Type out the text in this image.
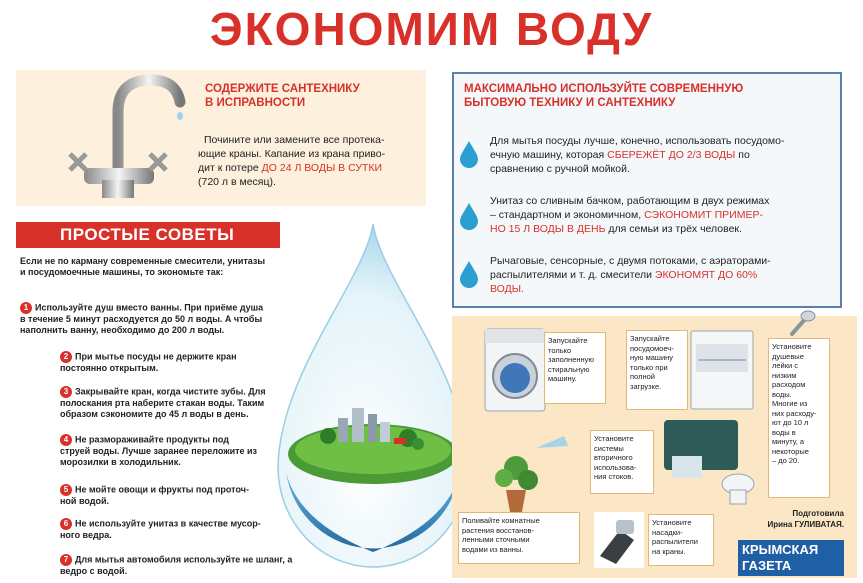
ЭКОНОМИМ ВОДУ
СОДЕРЖИТЕ САНТЕХНИКУ
В ИСПРАВНОСТИ
Почините или замените все протека-
ющие краны. Капание из крана приво-
дит к потере ДО 24 Л ВОДЫ В СУТКИ
(720 л в месяц).
МАКСИМАЛЬНО ИСПОЛЬЗУЙТЕ СОВРЕМЕННУЮ
БЫТОВУЮ ТЕХНИКУ И САНТЕХНИКУ
Для мытья посуды лучше, конечно, использовать посудомо-
ечную машину, которая СБЕРЕЖЁТ ДО 2/3 ВОДЫ по
сравнению с ручной мойкой.
Унитаз со сливным бачком, работающим в двух режимах
– стандартном и экономичном, СЭКОНОМИТ ПРИМЕР-
НО 15 Л ВОДЫ В ДЕНЬ для семьи из трёх человек.
Рычаговые, сенсорные, с двумя потоками, с аэраторами-
распылителями и т. д. смесители ЭКОНОМЯТ ДО 60%
ВОДЫ.
ПРОСТЫЕ СОВЕТЫ
Если не по карману современные смесители, унитазы
и посудомоечные машины, то экономьте так:
1 Используйте душ вместо ванны. При приёме душа
в течение 5 минут расходуется до 50 л воды. А чтобы
наполнить ванну, необходимо до 200 л воды.
2 При мытье посуды не держите кран
постоянно открытым.
3 Закрывайте кран, когда чистите зубы. Для
полоскания рта наберите стакан воды. Таким
образом сэкономите до 45 л воды в день.
4 Не размораживайте продукты под
струей воды. Лучше заранее переложите из
морозилки в холодильник.
5 Не мойте овощи и фрукты под проточ-
ной водой.
6 Не используйте унитаз в качестве мусор-
ного ведра.
7 Для мытья автомобиля используйте не шланг, а
ведро с водой.
Запускайте
только
заполненную
стиральную
машину.
Запускайте
посудомоеч-
ную машину
только при
полной
загрузке.
Установите
душевые
лейки с
низким
расходом
воды.
Многие из
них расходу-
ют до 10 л
воды в
минуту, а
некоторые
– до 20.
Установите
системы
вторичного
использова-
ния стоков.
Поливайте комнатные
растения восстанов-
ленными сточными
водами из ванны.
Установите
насадки-
распылители
на краны.
Подготовила
Ирина ГУЛИВАТАЯ.
КРЫМСКАЯ
ГАЗЕТА
